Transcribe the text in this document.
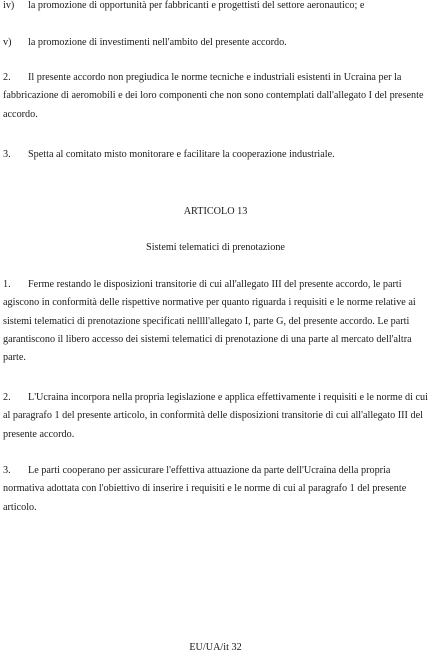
iv) la promozione di opportunità per fabbricanti e progettisti del settore aeronautico; e
v) la promozione di investimenti nell'ambito del presente accordo.
2. Il presente accordo non pregiudica le norme tecniche e industriali esistenti in Ucraina per la fabbricazione di aeromobili e dei loro componenti che non sono contemplati dall'allegato I del presente accordo.
3. Spetta al comitato misto monitorare e facilitare la cooperazione industriale.
ARTICOLO 13
Sistemi telematici di prenotazione
1. Ferme restando le disposizioni transitorie di cui all'allegato III del presente accordo, le parti agiscono in conformità delle rispettive normative per quanto riguarda i requisiti e le norme relative ai sistemi telematici di prenotazione specificati nellll'allegato I, parte G, del presente accordo. Le parti garantiscono il libero accesso dei sistemi telematici di prenotazione di una parte al mercato dell'altra parte.
2. L'Ucraina incorpora nella propria legislazione e applica effettivamente i requisiti e le norme di cui al paragrafo 1 del presente articolo, in conformità delle disposizioni transitorie di cui all'allegato III del presente accordo.
3. Le parti cooperano per assicurare l'effettiva attuazione da parte dell'Ucraina della propria normativa adottata con l'obiettivo di inserire i requisiti e le norme di cui al paragrafo 1 del presente articolo.
EU/UA/it 32
